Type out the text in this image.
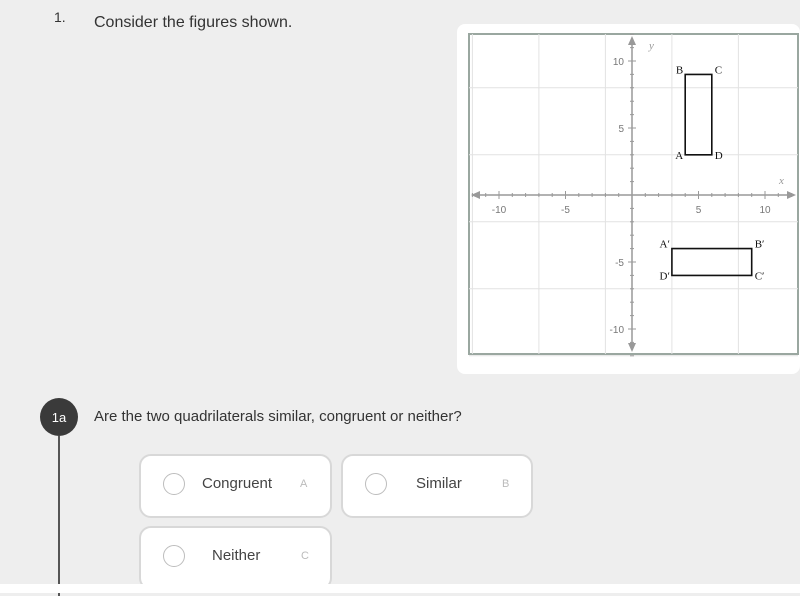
1. Consider the figures shown.
-10	-5	5	10
10
5
-5
-10
A
B	C
D
A′	B′
C′
D′
x
y
1a	Are the two quadrilaterals similar, congruent or neither?
Congruent	A	Similar	B
Neither	C
